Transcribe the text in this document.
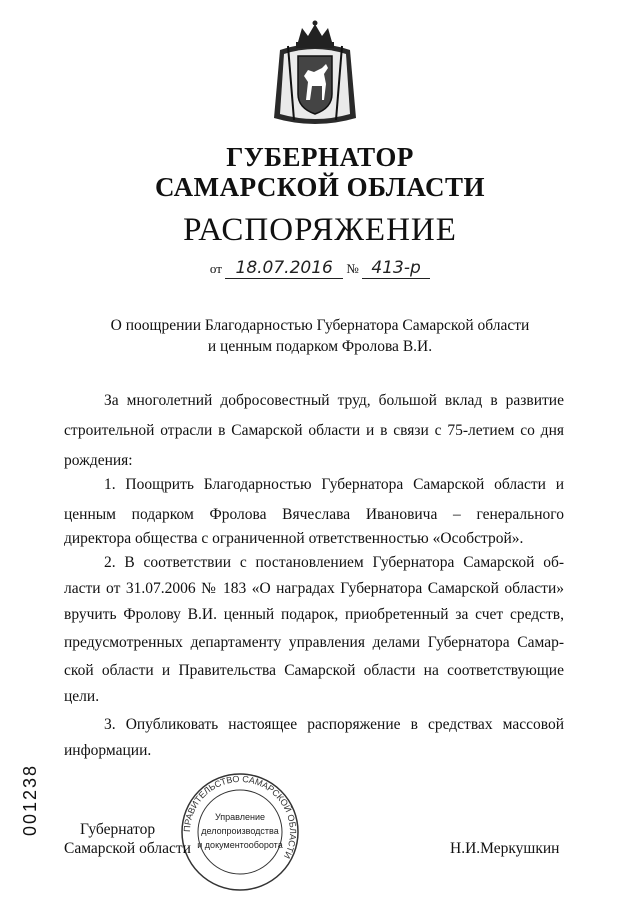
ГУБЕРНАТОР
САМАРСКОЙ ОБЛАСТИ
РАСПОРЯЖЕНИЕ
от 18.07.2016 № 413-р
О поощрении Благодарностью Губернатора Самарской области
и ценным подарком Фролова В.И.
За многолетний добросовестный труд, большой вклад в развитие
строительной отрасли в Самарской области и в связи с 75-летием со дня
рождения:
1. Поощрить Благодарностью Губернатора Самарской области и
ценным подарком Фролова Вячеслава Ивановича – генерального
директора общества с ограниченной ответственностью «Особстрой».
2. В соответствии с постановлением Губернатора Самарской об-
ласти от 31.07.2006 № 183 «О наградах Губернатора Самарской области»
вручить Фролову В.И. ценный подарок, приобретенный за счет средств,
предусмотренных департаменту управления делами Губернатора Самар-
ской области и Правительства Самарской области на соответствующие
цели.
3. Опубликовать настоящее распоряжение в средствах массовой
информации.
001238	ПРАВИТЕЛЬСТВО САМАРСКОЙ ОБЛАСТИ
Управление
делопроизводства
и документооборота
Губернатор
Самарской области	Н.И.Меркушкин
